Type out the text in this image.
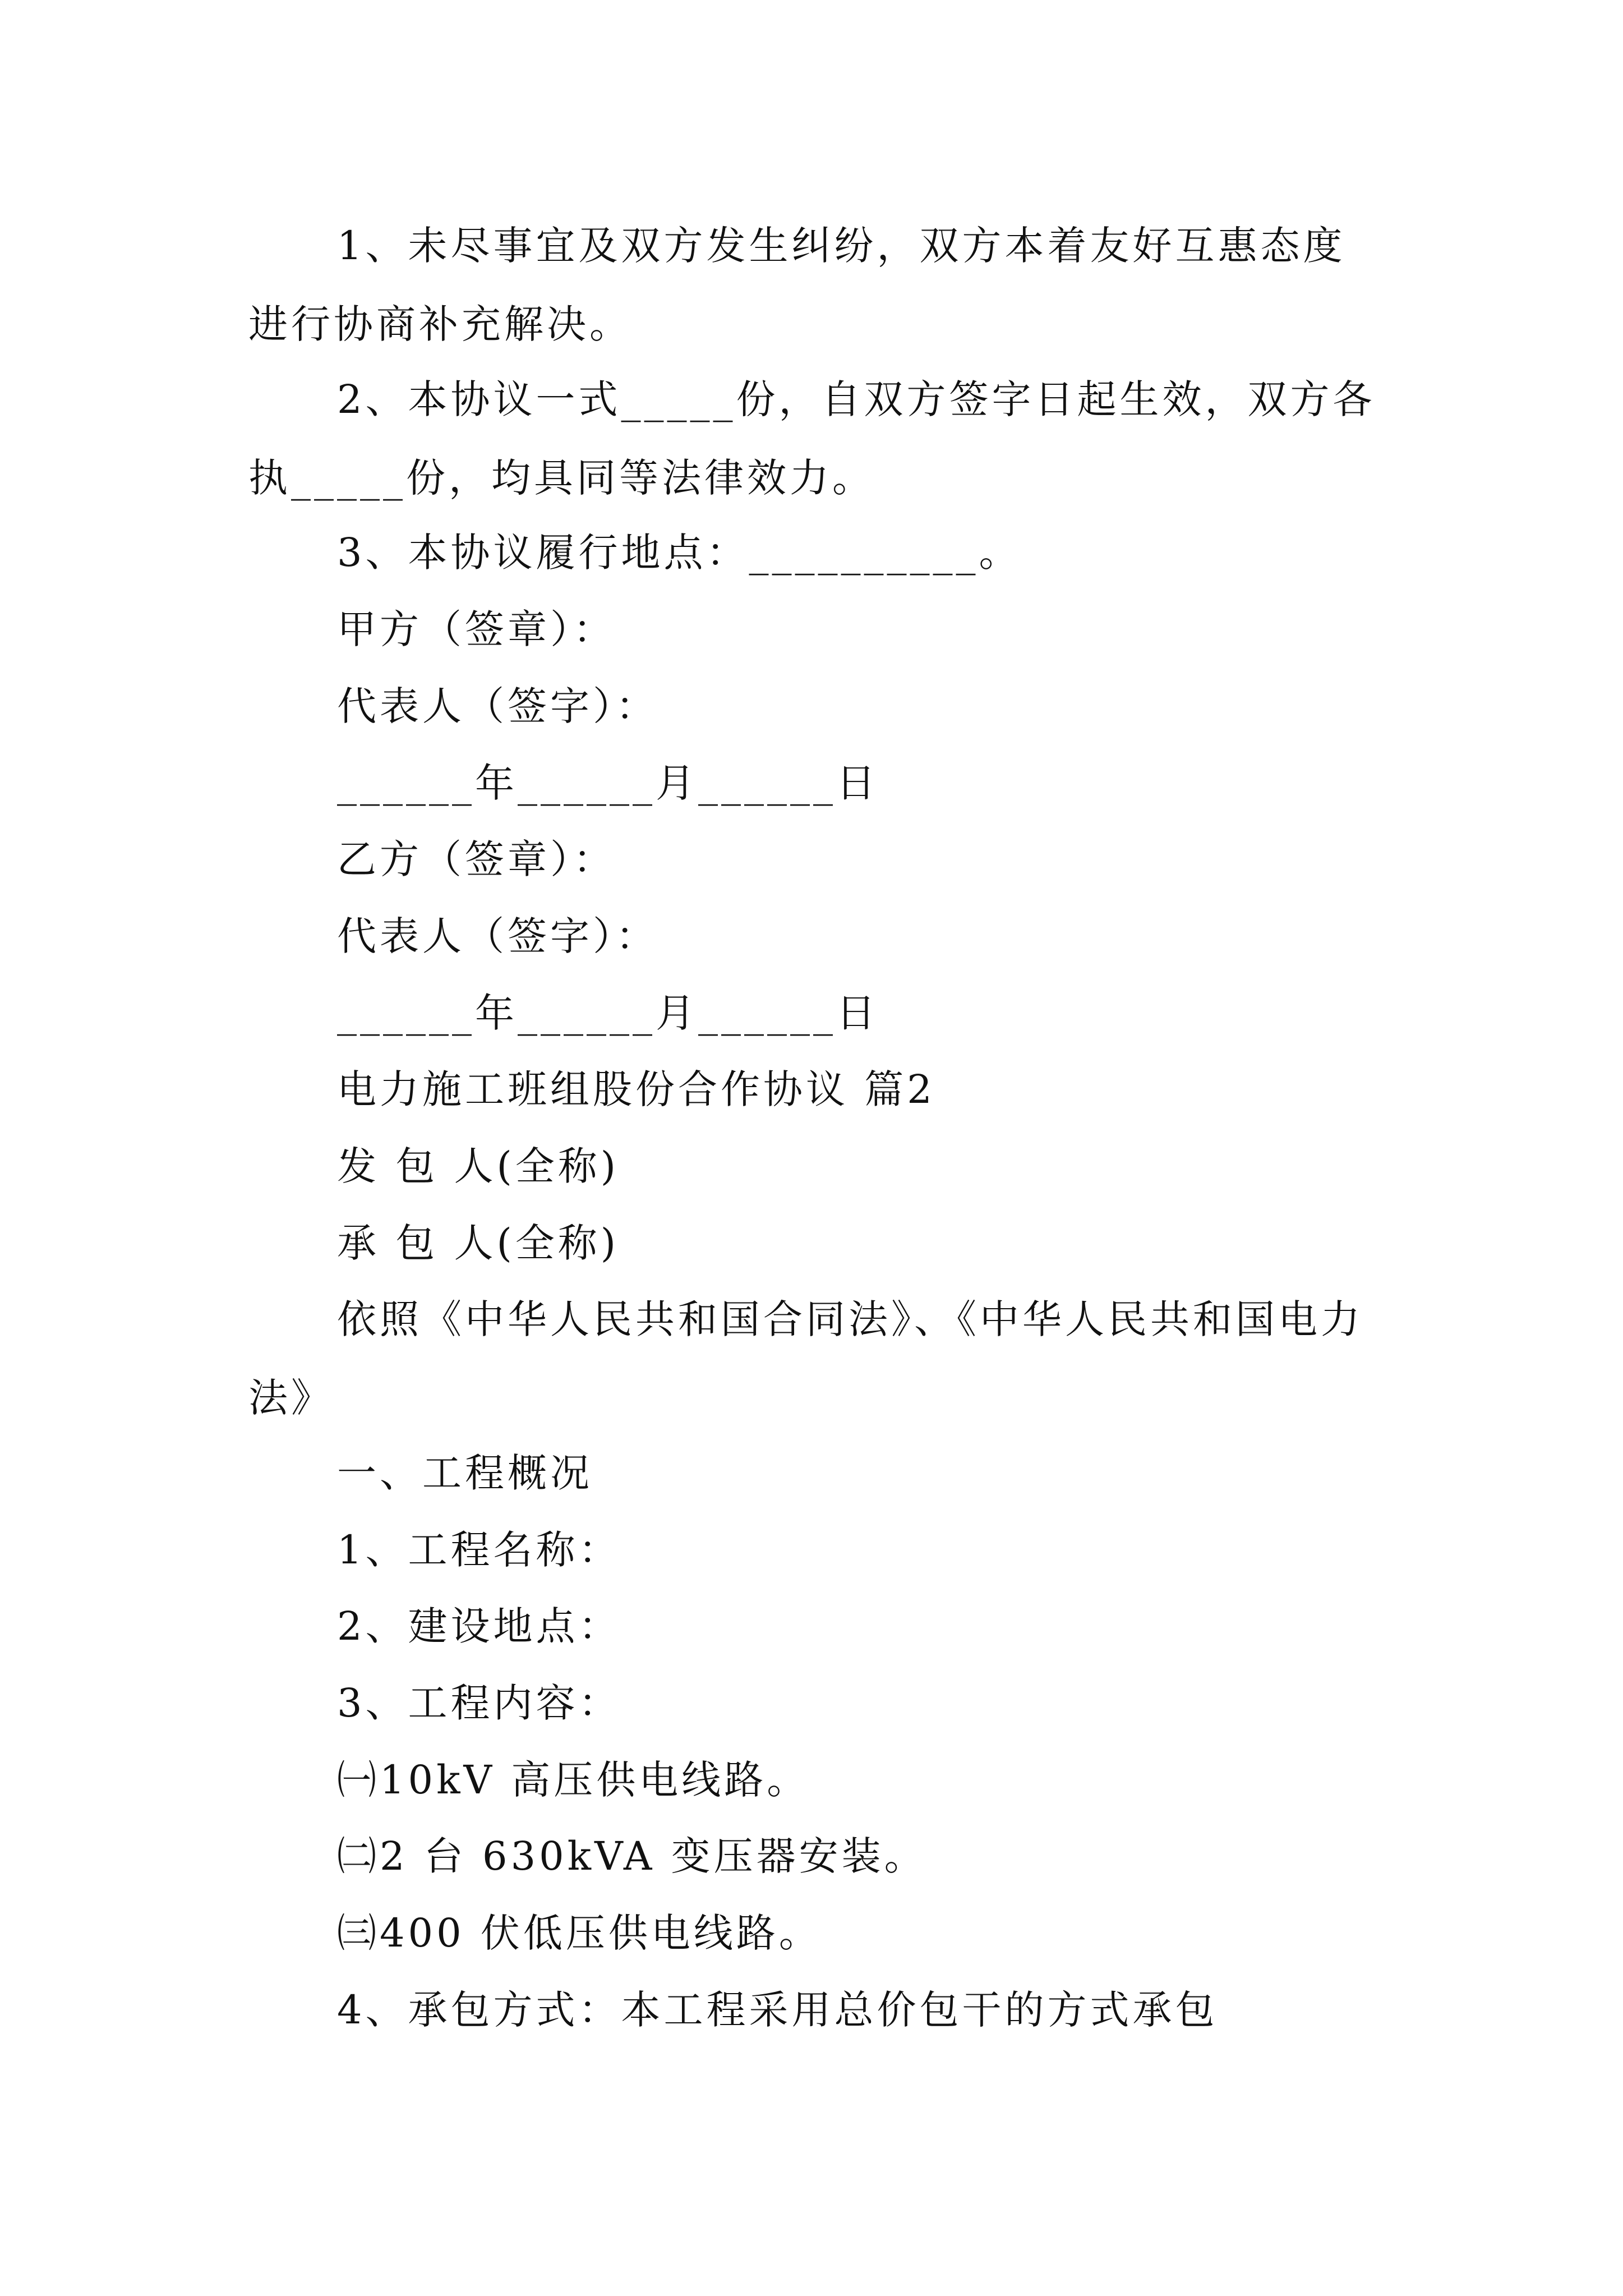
1、未尽事宜及双方发生纠纷，双方本着友好互惠态度进行协商补充解决。
2、本协议一式_____份，自双方签字日起生效，双方各执_____份，均具同等法律效力。
3、本协议履行地点：__________。
甲方（签章）：
代表人（签字）：
______年______月______日
乙方（签章）：
代表人（签字）：
______年______月______日
电力施工班组股份合作协议 篇2
发 包 人(全称)
承 包 人(全称)
依照《中华人民共和国合同法》、《中华人民共和国电力法》
一、工程概况
1、工程名称：
2、建设地点：
3、工程内容：
㈠10kV 高压供电线路。
㈡2 台 630kVA 变压器安装。
㈢400 伏低压供电线路。
4、承包方式：本工程采用总价包干的方式承包
